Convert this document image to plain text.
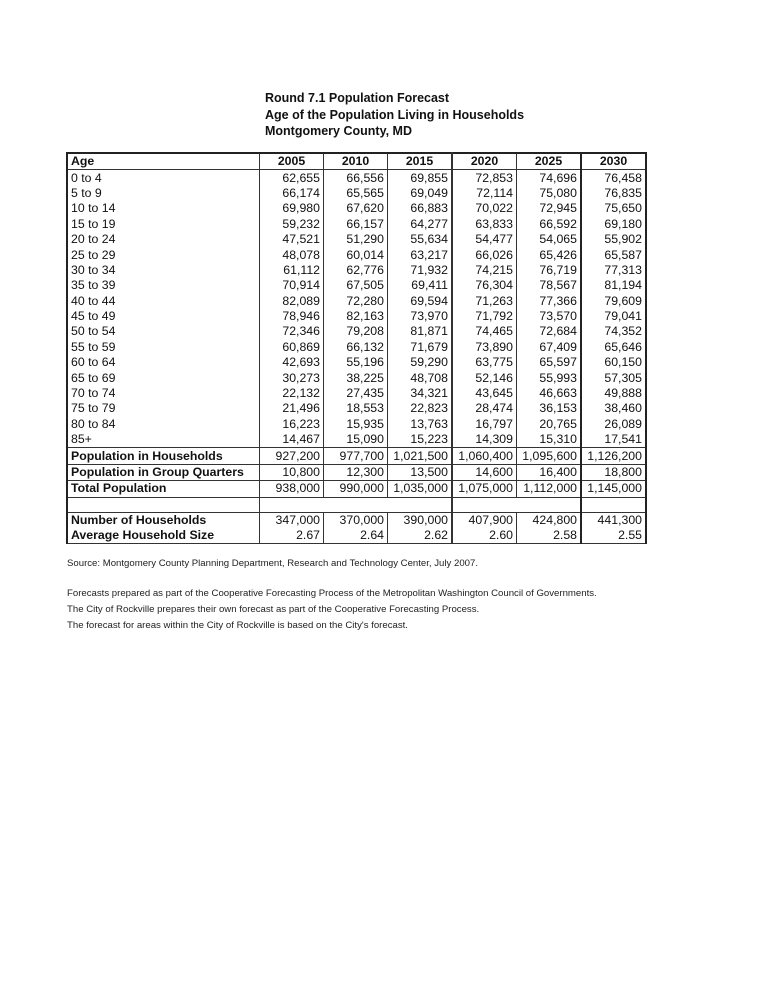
Round 7.1 Population Forecast
Age of the Population Living in Households
Montgomery County, MD
Age	2005	2010	2015	2020	2025	2030
0 to 4	62,655	66,556	69,855	72,853	74,696	76,458
5 to 9	66,174	65,565	69,049	72,114	75,080	76,835
10 to 14	69,980	67,620	66,883	70,022	72,945	75,650
15 to 19	59,232	66,157	64,277	63,833	66,592	69,180
20 to 24	47,521	51,290	55,634	54,477	54,065	55,902
25 to 29	48,078	60,014	63,217	66,026	65,426	65,587
30 to 34	61,112	62,776	71,932	74,215	76,719	77,313
35 to 39	70,914	67,505	69,411	76,304	78,567	81,194
40 to 44	82,089	72,280	69,594	71,263	77,366	79,609
45 to 49	78,946	82,163	73,970	71,792	73,570	79,041
50 to 54	72,346	79,208	81,871	74,465	72,684	74,352
55 to 59	60,869	66,132	71,679	73,890	67,409	65,646
60 to 64	42,693	55,196	59,290	63,775	65,597	60,150
65 to 69	30,273	38,225	48,708	52,146	55,993	57,305
70 to 74	22,132	27,435	34,321	43,645	46,663	49,888
75 to 79	21,496	18,553	22,823	28,474	36,153	38,460
80 to 84	16,223	15,935	13,763	16,797	20,765	26,089
85+	14,467	15,090	15,223	14,309	15,310	17,541
Population in Households	927,200	977,700	1,021,500	1,060,400	1,095,600	1,126,200
Population in Group Quarters	10,800	12,300	13,500	14,600	16,400	18,800
Total Population	938,000	990,000	1,035,000	1,075,000	1,112,000	1,145,000

Number of Households	347,000	370,000	390,000	407,900	424,800	441,300
Average Household Size	2.67	2.64	2.62	2.60	2.58	2.55
Source: Montgomery County Planning Department, Research and Technology Center, July 2007.
Forecasts prepared as part of the Cooperative Forecasting Process of the Metropolitan Washington Council of Governments.
The City of Rockville prepares their own forecast as part of the Cooperative Forecasting Process.
The forecast for areas within the City of Rockville is based on the City's forecast.
